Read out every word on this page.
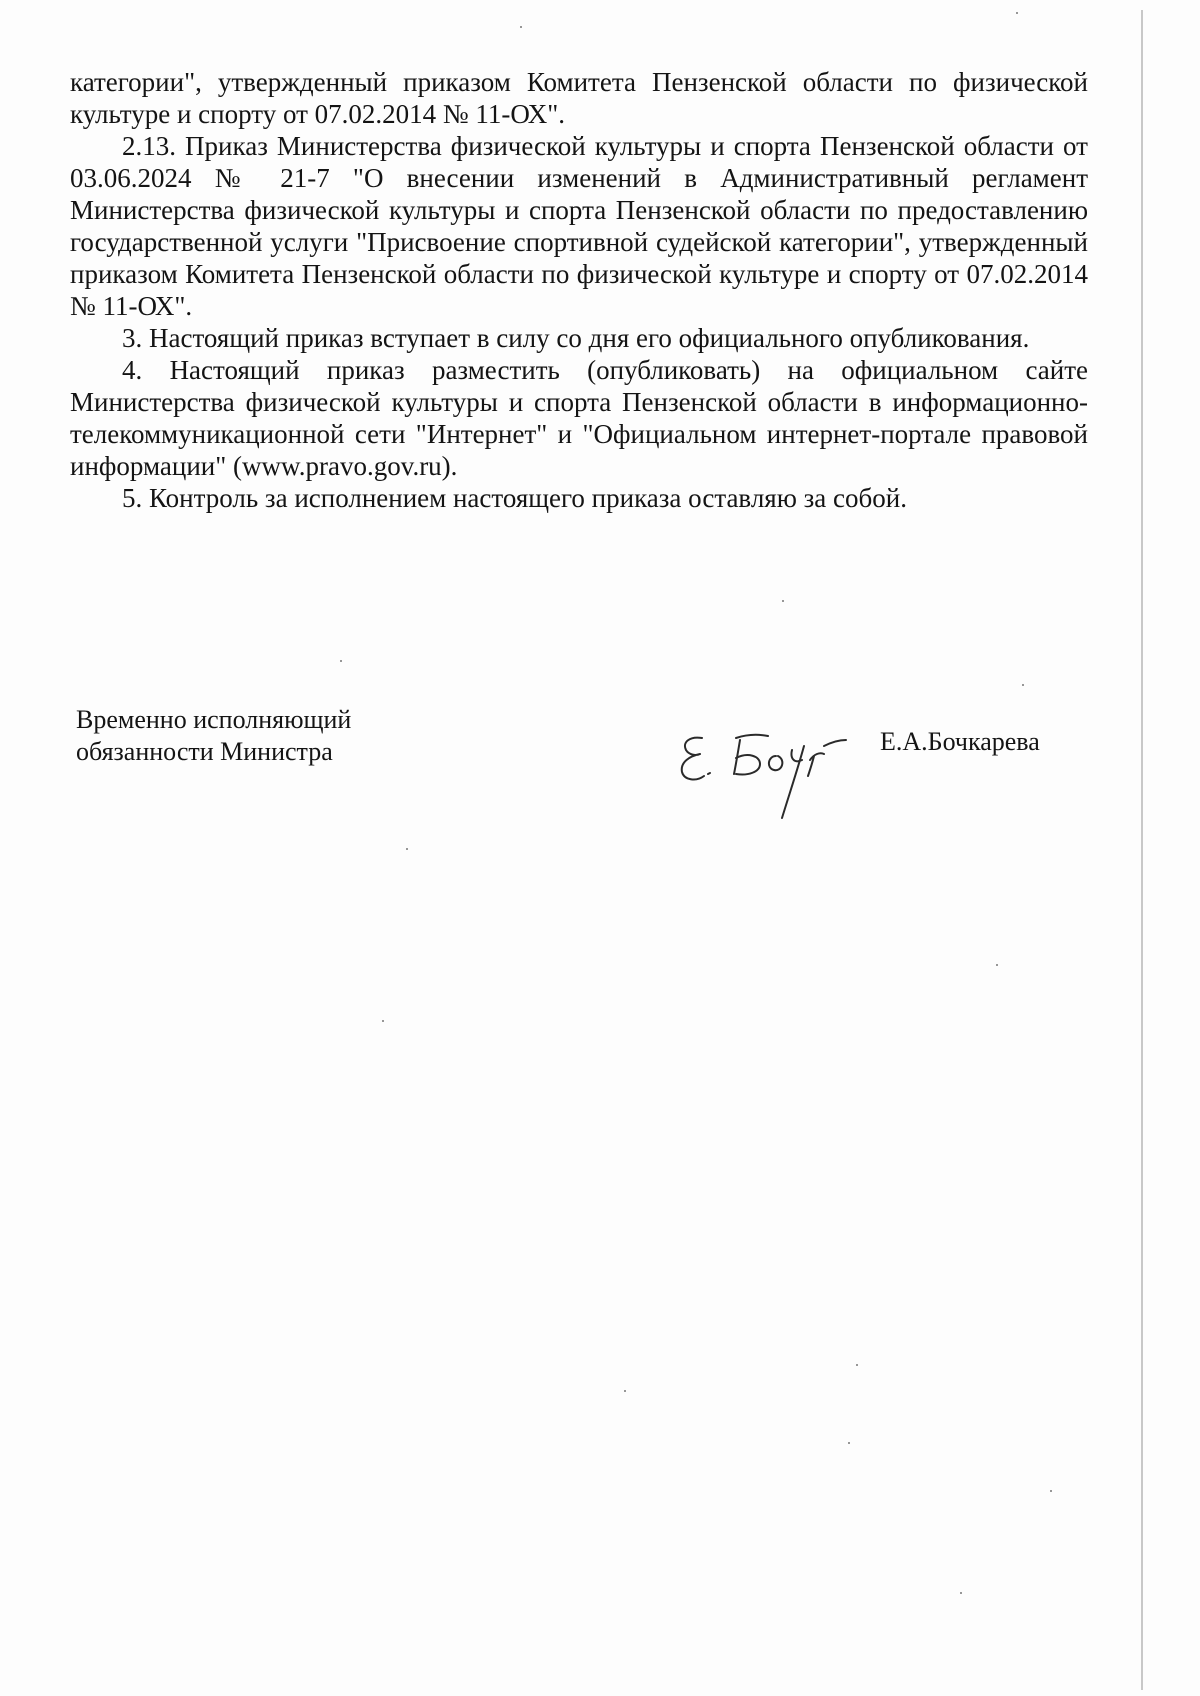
категории", утвержденный приказом Комитета Пензенской области по физической культуре и спорту от 07.02.2014 № 11-ОХ".

2.13. Приказ Министерства физической культуры и спорта Пензенской области от 03.06.2024 № 21-7 "О внесении изменений в Административный регламент Министерства физической культуры и спорта Пензенской области по предоставлению государственной услуги "Присвоение спортивной судейской категории", утвержденный приказом Комитета Пензенской области по физической культуре и спорту от 07.02.2014 № 11-ОХ".

3. Настоящий приказ вступает в силу со дня его официального опубликования.

4. Настоящий приказ разместить (опубликовать) на официальном сайте Министерства физической культуры и спорта Пензенской области в информационно-телекоммуникационной сети "Интернет" и "Официальном интернет-портале правовой информации" (www.pravo.gov.ru).

5. Контроль за исполнением настоящего приказа оставляю за собой.

Временно исполняющий
обязанности Министра	Е.А.Бочкарева
